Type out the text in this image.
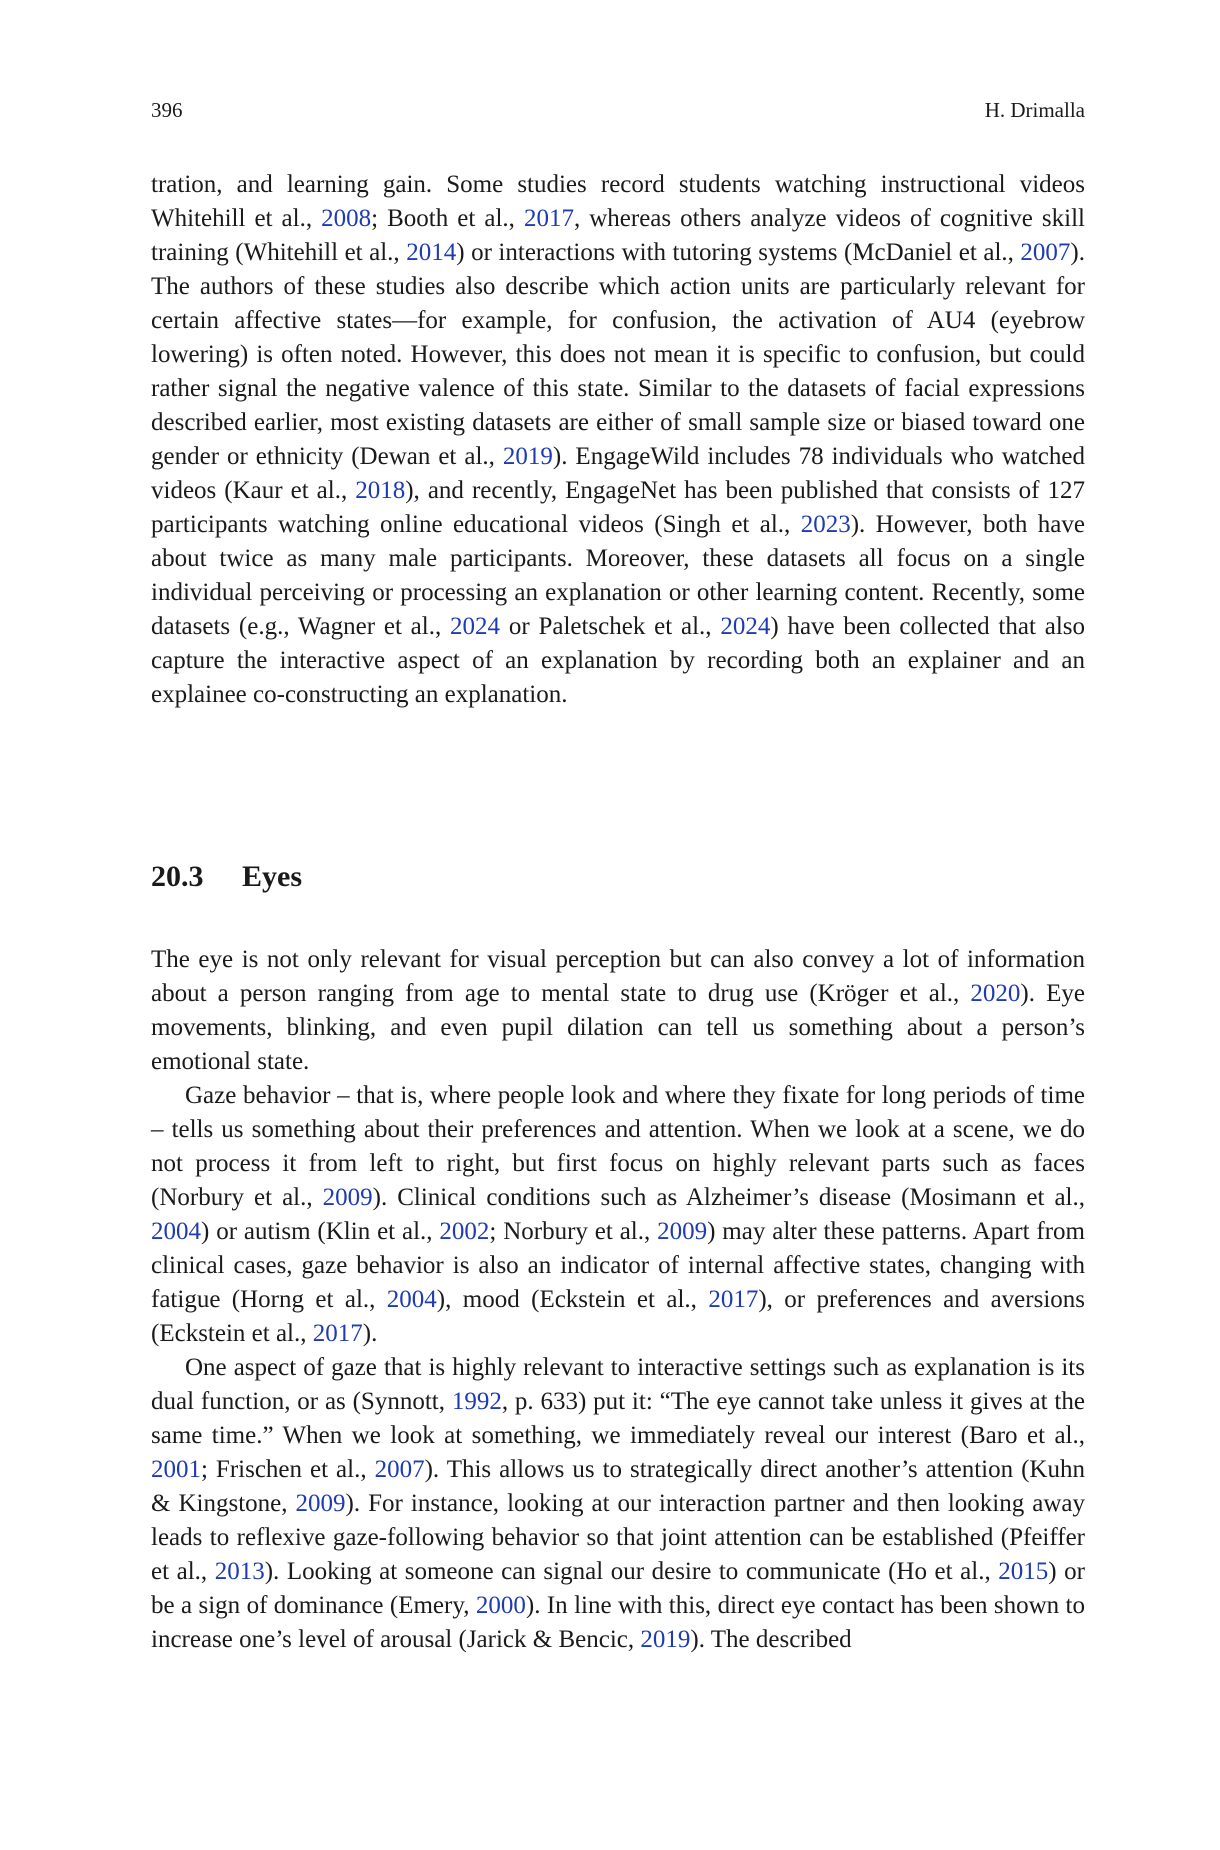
396	H. Drimalla

tration, and learning gain. Some studies record students watching instructional videos Whitehill et al., 2008; Booth et al., 2017, whereas others analyze videos of cognitive skill training (Whitehill et al., 2014) or interactions with tutoring systems (McDaniel et al., 2007). The authors of these studies also describe which action units are particularly relevant for certain affective states—for example, for confusion, the activation of AU4 (eyebrow lowering) is often noted. However, this does not mean it is specific to confusion, but could rather signal the negative valence of this state. Similar to the datasets of facial expressions described earlier, most existing datasets are either of small sample size or biased toward one gender or ethnicity (Dewan et al., 2019). EngageWild includes 78 individuals who watched videos (Kaur et al., 2018), and recently, EngageNet has been published that consists of 127 participants watching online educational videos (Singh et al., 2023). However, both have about twice as many male participants. Moreover, these datasets all focus on a single individual perceiving or processing an explanation or other learning content. Recently, some datasets (e.g., Wagner et al., 2024 or Paletschek et al., 2024) have been collected that also capture the interactive aspect of an explanation by recording both an explainer and an explainee co-constructing an explanation.

20.3 Eyes

The eye is not only relevant for visual perception but can also convey a lot of information about a person ranging from age to mental state to drug use (Kröger et al., 2020). Eye movements, blinking, and even pupil dilation can tell us something about a person’s emotional state.

Gaze behavior – that is, where people look and where they fixate for long periods of time – tells us something about their preferences and attention. When we look at a scene, we do not process it from left to right, but first focus on highly relevant parts such as faces (Norbury et al., 2009). Clinical conditions such as Alzheimer’s disease (Mosimann et al., 2004) or autism (Klin et al., 2002; Norbury et al., 2009) may alter these patterns. Apart from clinical cases, gaze behavior is also an indicator of internal affective states, changing with fatigue (Horng et al., 2004), mood (Eckstein et al., 2017), or preferences and aversions (Eckstein et al., 2017).

One aspect of gaze that is highly relevant to interactive settings such as explanation is its dual function, or as (Synnott, 1992, p. 633) put it: “The eye cannot take unless it gives at the same time.” When we look at something, we immediately reveal our interest (Baro et al., 2001; Frischen et al., 2007). This allows us to strategically direct another’s attention (Kuhn & Kingstone, 2009). For instance, looking at our interaction partner and then looking away leads to reflexive gaze-following behavior so that joint attention can be established (Pfeiffer et al., 2013). Looking at someone can signal our desire to communicate (Ho et al., 2015) or be a sign of dominance (Emery, 2000). In line with this, direct eye contact has been shown to increase one’s level of arousal (Jarick & Bencic, 2019). The described
